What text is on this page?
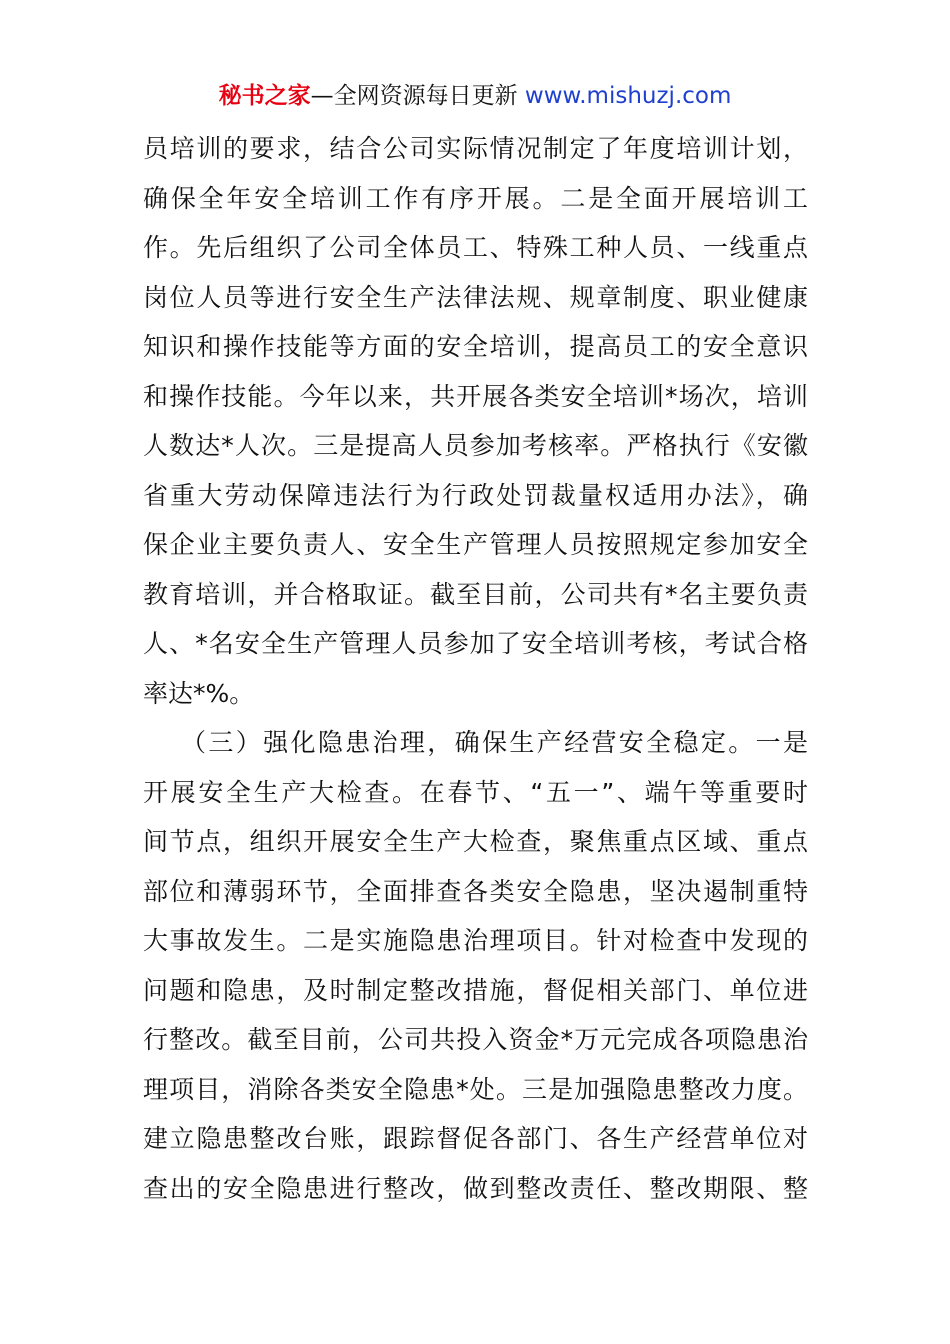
秘书之家—全网资源每日更新 www.mishuzj.com
员培训的要求，结合公司实际情况制定了年度培训计划，
确保全年安全培训工作有序开展。二是全面开展培训工
作。先后组织了公司全体员工、特殊工种人员、一线重点
岗位人员等进行安全生产法律法规、规章制度、职业健康
知识和操作技能等方面的安全培训，提高员工的安全意识
和操作技能。今年以来，共开展各类安全培训*场次，培训
人数达*人次。三是提高人员参加考核率。严格执行《安徽
省重大劳动保障违法行为行政处罚裁量权适用办法》，确
保企业主要负责人、安全生产管理人员按照规定参加安全
教育培训，并合格取证。截至目前，公司共有*名主要负责
人、*名安全生产管理人员参加了安全培训考核，考试合格
率达*%。
（三）强化隐患治理，确保生产经营安全稳定。一是
开展安全生产大检查。在春节、“五一”、端午等重要时
间节点，组织开展安全生产大检查，聚焦重点区域、重点
部位和薄弱环节，全面排查各类安全隐患，坚决遏制重特
大事故发生。二是实施隐患治理项目。针对检查中发现的
问题和隐患，及时制定整改措施，督促相关部门、单位进
行整改。截至目前，公司共投入资金*万元完成各项隐患治
理项目，消除各类安全隐患*处。三是加强隐患整改力度。
建立隐患整改台账，跟踪督促各部门、各生产经营单位对
查出的安全隐患进行整改，做到整改责任、整改期限、整
